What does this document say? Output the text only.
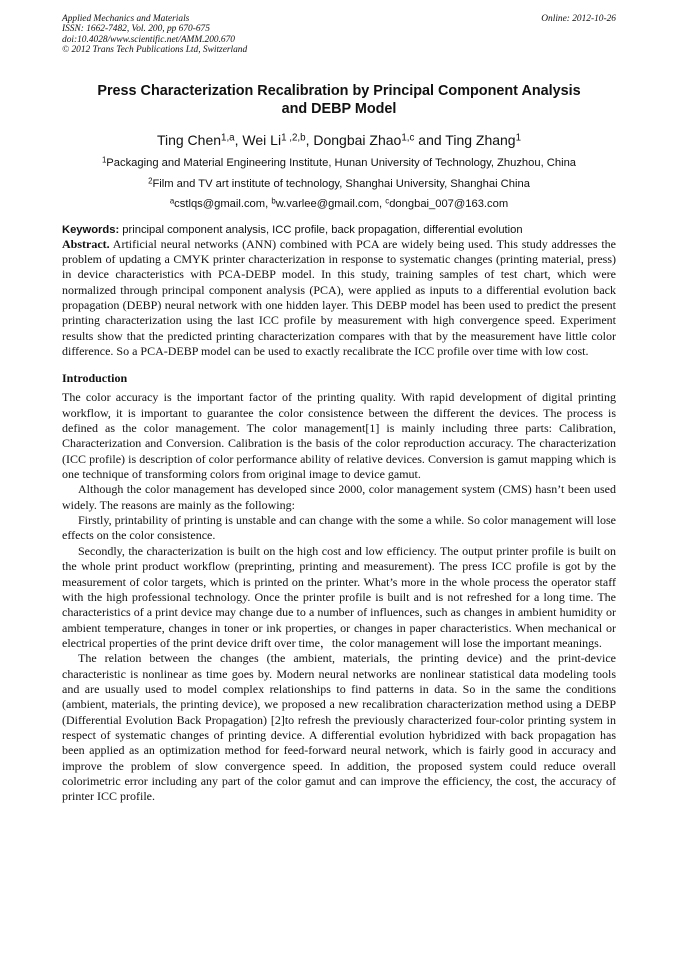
Applied Mechanics and Materials	Online: 2012-10-26
ISSN: 1662-7482, Vol. 200, pp 670-675
doi:10.4028/www.scientific.net/AMM.200.670
© 2012 Trans Tech Publications Ltd, Switzerland
Press Characterization Recalibration by Principal Component Analysis
and DEBP Model
Ting Chen$^{1,a}$, Wei Li$^{1 ,2,b}$, Dongbai Zhao$^{1,c}$ and Ting Zhang$^1$
$^1$Packaging and Material Engineering Institute, Hunan University of Technology, Zhuzhou, China
$^2$Film and TV art institute of technology, Shanghai University, Shanghai China
$^a$cstlqs@gmail.com, $^b$w.varlee@gmail.com, $^c$dongbai_007@163.com
Keywords: principal component analysis, ICC profile, back propagation, differential evolution

Abstract. Artificial neural networks (ANN) combined with PCA are widely being used. This study addresses the problem of updating a CMYK printer characterization in response to systematic changes (printing material, press) in device characteristics with PCA-DEBP model. In this study, training samples of test chart, which were normalized through principal component analysis (PCA), were applied as inputs to a differential evolution back propagation (DEBP) neural network with one hidden layer. This DEBP model has been used to predict the present printing characterization using the last ICC profile by measurement with high convergence speed. Experiment results show that the predicted printing characterization compares with that by the measurement have little color difference. So a PCA-DEBP model can be used to exactly recalibrate the ICC profile over time with low cost.

Introduction

The color accuracy is the important factor of the printing quality. With rapid development of digital printing workflow, it is important to guarantee the color consistence between the different the devices. The process is defined as the color management. The color management[1] is mainly including three parts: Calibration, Characterization and Conversion. Calibration is the basis of the color reproduction accuracy. The characterization (ICC profile) is description of color performance ability of relative devices. Conversion is gamut mapping which is one technique of transforming colors from original image to device gamut.

Although the color management has developed since 2000, color management system (CMS) hasn’t been used widely. The reasons are mainly as the following:

Firstly, printability of printing is unstable and can change with the some a while. So color management will lose effects on the color consistence.

Secondly, the characterization is built on the high cost and low efficiency. The output printer profile is built on the whole print product workflow (preprinting, printing and measurement). The press ICC profile is got by the measurement of color targets, which is printed on the printer. What’s more in the whole process the operator staff with the high professional technology. Once the printer profile is built and is not refreshed for a long time. The characteristics of a print device may change due to a number of influences, such as changes in ambient humidity or ambient temperature, changes in toner or ink properties, or changes in paper characteristics. When mechanical or electrical properties of the print device drift over time，the color management will lose the important meanings.

The relation between the changes (the ambient, materials, the printing device) and the print-device characteristic is nonlinear as time goes by. Modern neural networks are nonlinear statistical data modeling tools and are usually used to model complex relationships to find patterns in data. So in the same the conditions (ambient, materials, the printing device), we proposed a new recalibration characterization method using a DEBP (Differential Evolution Back Propagation) [2]to refresh the previously characterized four-color printing system in respect of systematic changes of printing device. A differential evolution hybridized with back propagation has been applied as an optimization method for feed-forward neural network, which is fairly good in accuracy and improve the problem of slow convergence speed. In addition, the proposed system could reduce overall colorimetric error including any part of the color gamut and can improve the efficiency, the cost, the accuracy of printer ICC profile.
